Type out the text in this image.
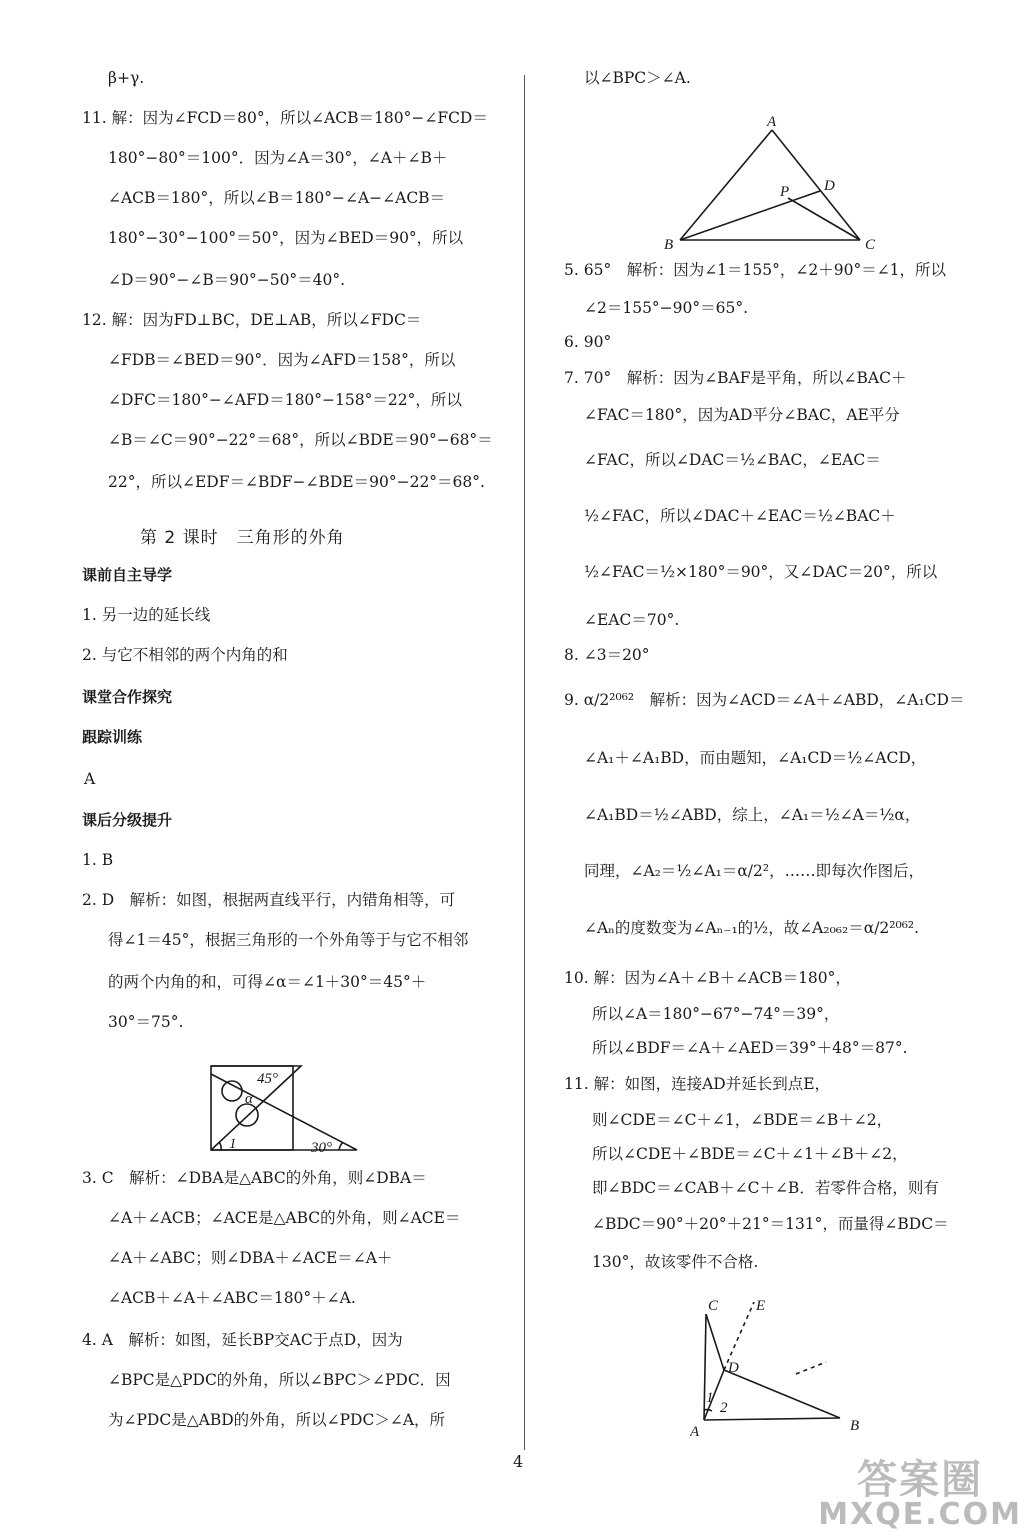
β+γ.
11. 解：因为∠FCD＝80°，所以∠ACB＝180°−∠FCD＝
180°−80°＝100°．因为∠A＝30°，∠A＋∠B＋
∠ACB＝180°，所以∠B＝180°−∠A−∠ACB＝
180°−30°−100°＝50°，因为∠BED＝90°，所以
∠D＝90°−∠B＝90°−50°＝40°.
12. 解：因为FD⊥BC，DE⊥AB，所以∠FDC＝
∠FDB＝∠BED＝90°．因为∠AFD＝158°，所以
∠DFC＝180°−∠AFD＝180°−158°＝22°，所以
∠B＝∠C＝90°−22°＝68°，所以∠BDE＝90°−68°＝
22°，所以∠EDF＝∠BDF−∠BDE＝90°−22°＝68°.
课前自主导学
1. 另一边的延长线
2. 与它不相邻的两个内角的和
课堂合作探究
跟踪训练
A
课后分级提升
1. B
2. D　解析：如图，根据两直线平行，内错角相等，可
得∠1＝45°，根据三角形的一个外角等于与它不相邻
的两个内角的和，可得∠α＝∠1＋30°＝45°＋
30°＝75°.
3. C　解析：∠DBA是△ABC的外角，则∠DBA＝
∠A＋∠ACB；∠ACE是△ABC的外角，则∠ACE＝
∠A＋∠ABC；则∠DBA＋∠ACE＝∠A＋
∠ACB＋∠A＋∠ABC＝180°＋∠A.
4. A　解析：如图，延长BP交AC于点D，因为
∠BPC是△PDC的外角，所以∠BPC＞∠PDC．因
为∠PDC是△ABD的外角，所以∠PDC＞∠A，所
第 2 课时　三角形的外角
以∠BPC＞∠A.
5. 65°　解析：因为∠1＝155°，∠2＋90°＝∠1，所以
∠2＝155°−90°＝65°.
6. 90°
7. 70°　解析：因为∠BAF是平角，所以∠BAC＋
∠FAC＝180°，因为AD平分∠BAC，AE平分
∠FAC，所以∠DAC＝½∠BAC，∠EAC＝
½∠FAC，所以∠DAC＋∠EAC＝½∠BAC＋
½∠FAC＝½×180°＝90°，又∠DAC＝20°，所以
∠EAC＝70°.
8. ∠3＝20°
9. α/2²⁰⁶²　解析：因为∠ACD＝∠A＋∠ABD，∠A₁CD＝
∠A₁＋∠A₁BD，而由题知，∠A₁CD＝½∠ACD，
∠A₁BD＝½∠ABD，综上，∠A₁＝½∠A＝½α，
同理，∠A₂＝½∠A₁＝α/2²，……即每次作图后，
∠Aₙ的度数变为∠Aₙ₋₁的½，故∠A₂₀₆₂＝α/2²⁰⁶².
10. 解：因为∠A＋∠B＋∠ACB＝180°，
所以∠A＝180°−67°−74°＝39°，
所以∠BDF＝∠A＋∠AED＝39°＋48°＝87°.
11. 解：如图，连接AD并延长到点E，
则∠CDE＝∠C＋∠1，∠BDE＝∠B＋∠2，
所以∠CDE＋∠BDE＝∠C＋∠1＋∠B＋∠2，
即∠BDC＝∠CAB＋∠C＋∠B．若零件合格，则有
∠BDC＝90°＋20°＋21°＝131°，而量得∠BDC＝
130°，故该零件不合格.
A
B	C
D
P
45°
α
1	30°
C	E
D
1
2
A	B
4	答案圈
MXQE.COM
